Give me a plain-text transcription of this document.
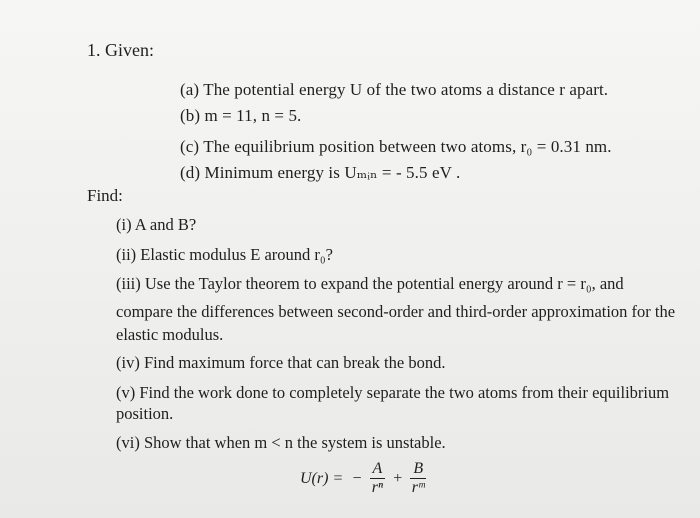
1. Given:
(a) The potential energy U of the two atoms a distance r apart.
(b) m = 11, n = 5.
(c) The equilibrium position between two atoms, r₀ = 0.31 nm.
(d) Minimum energy is Uₘᵢₙ = - 5.5 eV .
Find:
(i) A and B?
(ii) Elastic modulus E around r₀?
(iii) Use the Taylor theorem to expand the potential energy around r = r₀, and
compare the differences between second-order and third-order approximation for the
elastic modulus.
(iv) Find maximum force that can break the bond.
(v) Find the work done to completely separate the two atoms from their equilibrium
position.
(vi) Show that when m < n the system is unstable.
U(r) = − $\frac{A}{\text{rⁿ}} + \frac{B}{\text{rᵐ}}$
